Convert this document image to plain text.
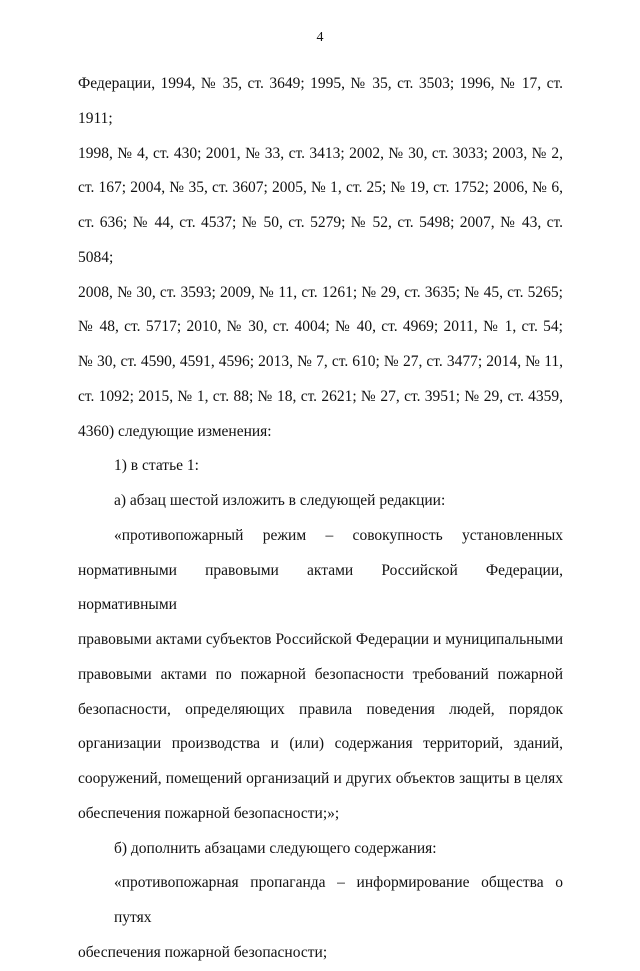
4
Федерации, 1994, № 35, ст. 3649; 1995, № 35, ст. 3503; 1996, № 17, ст. 1911;
1998, № 4, ст. 430; 2001, № 33, ст. 3413; 2002, № 30, ст. 3033; 2003, № 2,
ст. 167; 2004, № 35, ст. 3607; 2005, № 1, ст. 25; № 19, ст. 1752; 2006, № 6,
ст. 636; № 44, ст. 4537; № 50, ст. 5279; № 52, ст. 5498; 2007, № 43, ст. 5084;
2008, № 30, ст. 3593; 2009, № 11, ст. 1261; № 29, ст. 3635; № 45, ст. 5265;
№ 48, ст. 5717; 2010, № 30, ст. 4004; № 40, ст. 4969; 2011, № 1, ст. 54;
№ 30, ст. 4590, 4591, 4596; 2013, № 7, ст. 610; № 27, ст. 3477; 2014, № 11,
ст. 1092; 2015, № 1, ст. 88; № 18, ст. 2621; № 27, ст. 3951; № 29, ст. 4359,
4360) следующие изменения:
1) в статье 1:
а) абзац шестой изложить в следующей редакции:
«противопожарный режим – совокупность установленных
нормативными правовыми актами Российской Федерации, нормативными
правовыми актами субъектов Российской Федерации и муниципальными
правовыми актами по пожарной безопасности требований пожарной
безопасности, определяющих правила поведения людей, порядок
организации производства и (или) содержания территорий, зданий,
сооружений, помещений организаций и других объектов защиты в целях
обеспечения пожарной безопасности;»;
б) дополнить абзацами следующего содержания:
«противопожарная пропаганда – информирование общества о путях
обеспечения пожарной безопасности;
